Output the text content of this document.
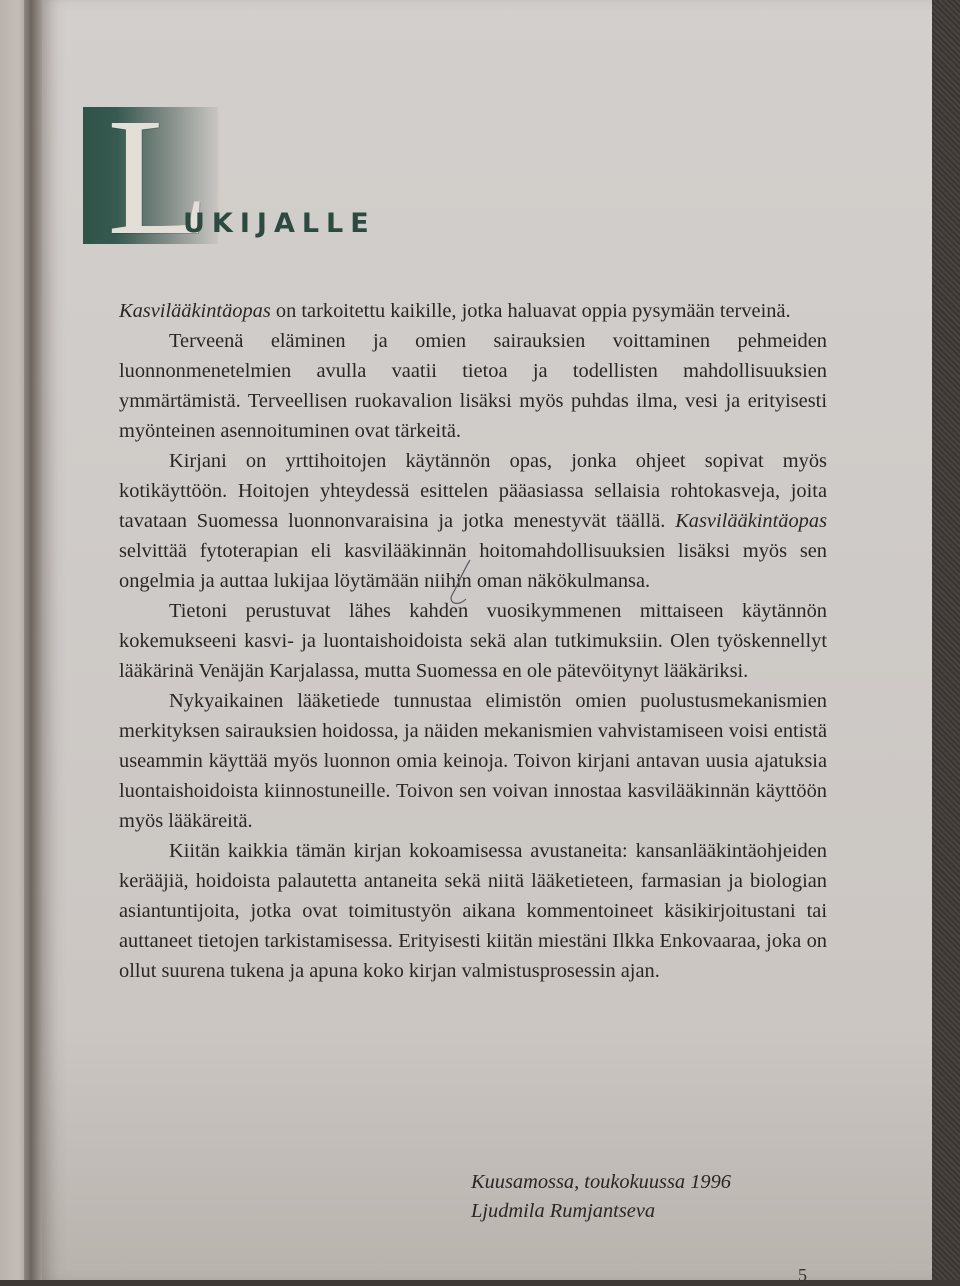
L
UKIJALLE

Kasvilääkintäopas on tarkoitettu kaikille, jotka haluavat oppia pysymään terveinä.

Terveenä eläminen ja omien sairauksien voittaminen pehmeiden luonnonmenetelmien avulla vaatii tietoa ja todellisten mahdollisuuksien ymmärtämistä. Terveellisen ruokavalion lisäksi myös puhdas ilma, vesi ja erityisesti myönteinen asennoituminen ovat tärkeitä.

Kirjani on yrttihoitojen käytännön opas, jonka ohjeet sopivat myös kotikäyttöön. Hoitojen yhteydessä esittelen pääasiassa sellaisia rohtokasveja, joita tavataan Suomessa luonnonvaraisina ja jotka menestyvät täällä. Kasvilääkintäopas selvittää fytoterapian eli kasvilääkinnän hoitomahdollisuuksien lisäksi myös sen ongelmia ja auttaa lukijaa löytämään niihin oman näkökulmansa.

Tietoni perustuvat lähes kahden vuosikymmenen mittaiseen käytännön kokemukseeni kasvi- ja luontaishoidoista sekä alan tutkimuksiin. Olen työskennellyt lääkärinä Venäjän Karjalassa, mutta Suomessa en ole pätevöitynyt lääkäriksi.

Nykyaikainen lääketiede tunnustaa elimistön omien puolustusmekanismien merkityksen sairauksien hoidossa, ja näiden mekanismien vahvistamiseen voisi entistä useammin käyttää myös luonnon omia keinoja. Toivon kirjani antavan uusia ajatuksia luontaishoidoista kiinnostuneille. Toivon sen voivan innostaa kasvilääkinnän käyttöön myös lääkäreitä.

Kiitän kaikkia tämän kirjan kokoamisessa avustaneita: kansanlääkintäohjeiden kerääjiä, hoidoista palautetta antaneita sekä niitä lääketieteen, farmasian ja biologian asiantuntijoita, jotka ovat toimitustyön aikana kommentoineet käsikirjoitustani tai auttaneet tietojen tarkistamisessa. Erityisesti kiitän miestäni Ilkka Enkovaaraa, joka on ollut suurena tukena ja apuna koko kirjan valmistusprosessin ajan.

Kuusamossa, toukokuussa 1996
Ljudmila Rumjantseva
5
